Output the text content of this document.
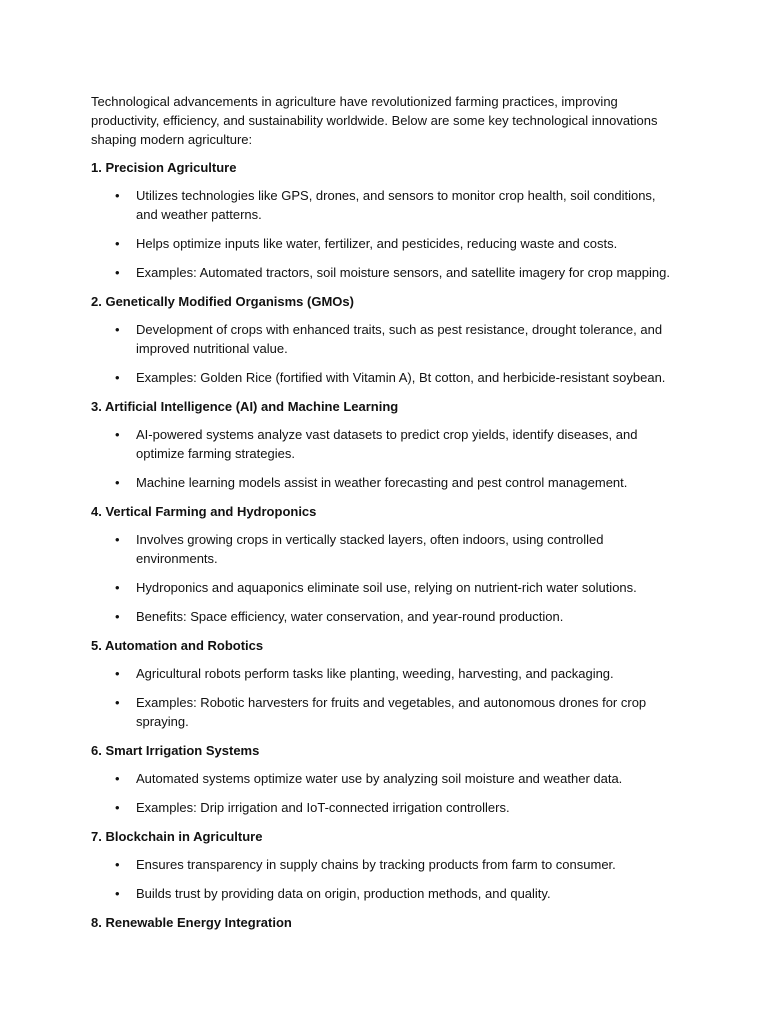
Technological advancements in agriculture have revolutionized farming practices, improving productivity, efficiency, and sustainability worldwide. Below are some key technological innovations shaping modern agriculture:

1. Precision Agriculture

• Utilizes technologies like GPS, drones, and sensors to monitor crop health, soil conditions, and weather patterns.
• Helps optimize inputs like water, fertilizer, and pesticides, reducing waste and costs.
• Examples: Automated tractors, soil moisture sensors, and satellite imagery for crop mapping.

2. Genetically Modified Organisms (GMOs)

• Development of crops with enhanced traits, such as pest resistance, drought tolerance, and improved nutritional value.
• Examples: Golden Rice (fortified with Vitamin A), Bt cotton, and herbicide-resistant soybean.

3. Artificial Intelligence (AI) and Machine Learning

• AI-powered systems analyze vast datasets to predict crop yields, identify diseases, and optimize farming strategies.
• Machine learning models assist in weather forecasting and pest control management.

4. Vertical Farming and Hydroponics

• Involves growing crops in vertically stacked layers, often indoors, using controlled environments.
• Hydroponics and aquaponics eliminate soil use, relying on nutrient-rich water solutions.
• Benefits: Space efficiency, water conservation, and year-round production.

5. Automation and Robotics

• Agricultural robots perform tasks like planting, weeding, harvesting, and packaging.
• Examples: Robotic harvesters for fruits and vegetables, and autonomous drones for crop spraying.

6. Smart Irrigation Systems

• Automated systems optimize water use by analyzing soil moisture and weather data.
• Examples: Drip irrigation and IoT-connected irrigation controllers.

7. Blockchain in Agriculture

• Ensures transparency in supply chains by tracking products from farm to consumer.
• Builds trust by providing data on origin, production methods, and quality.

8. Renewable Energy Integration
